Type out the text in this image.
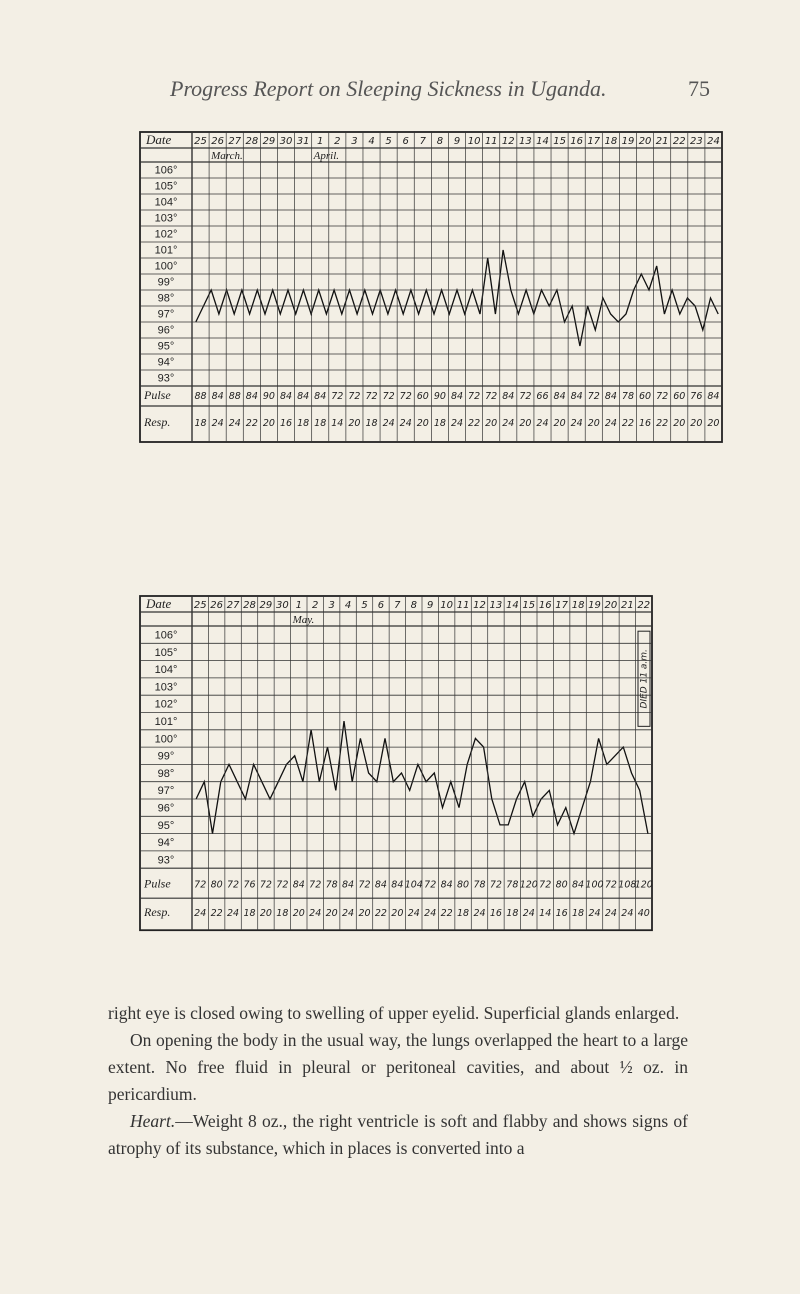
Progress Report on Sleeping Sickness in Uganda.	75
Date 25 26 27 28 29 30 31 1 2 3 4 5 6 7 8 9 10 11 12 13 14 15 16 17 18 19 20 21 22 23 24
March.	April.
106°
105°
104°
103°
102°
101°
100°
99°
98°
97°
96°
95°
94°
93°
Pulse
Resp.
88 84 88 84 90 84 84 84 72 72 72 72 72 60 90 84 72 72 84 72 66 84 84 72 84 78 60 72 60 76 84
18 24 24 22 20 16 18 18 14 20 18 24 24 20 18 24 22 20 24 20 24 20 24 20 24 22 16 22 20 20 20
Date 25 26 27 28 29 30 1 2 3 4 5 6 7 8 9 10 11 12 13 14 15 16 17 18 19 20 21 22
May.
106°
105°
104°
103°
102°
101°
100°
99°
98°
97°
96°
95°
94°
93°
Pulse
Resp.
72 80 72 76 72 72 84 72 78 84 72 84 84 104 72 84 80 78 72 78 120 72 80 84 100 72 108
120
24 22 24 18 20 18 20 24 20 24 20 22 20 24 24 22 18 24 16 18 24 14 16 18 24 24 24 40
DIED 11 a.m.

right eye is closed owing to swelling of upper eyelid. Superficial glands enlarged.

On opening the body in the usual way, the lungs overlapped the heart to a large extent. No free fluid in pleural or peritoneal cavities, and about ½ oz. in pericardium.

Heart.—Weight 8 oz., the right ventricle is soft and flabby and shows signs of atrophy of its substance, which in places is converted into a
